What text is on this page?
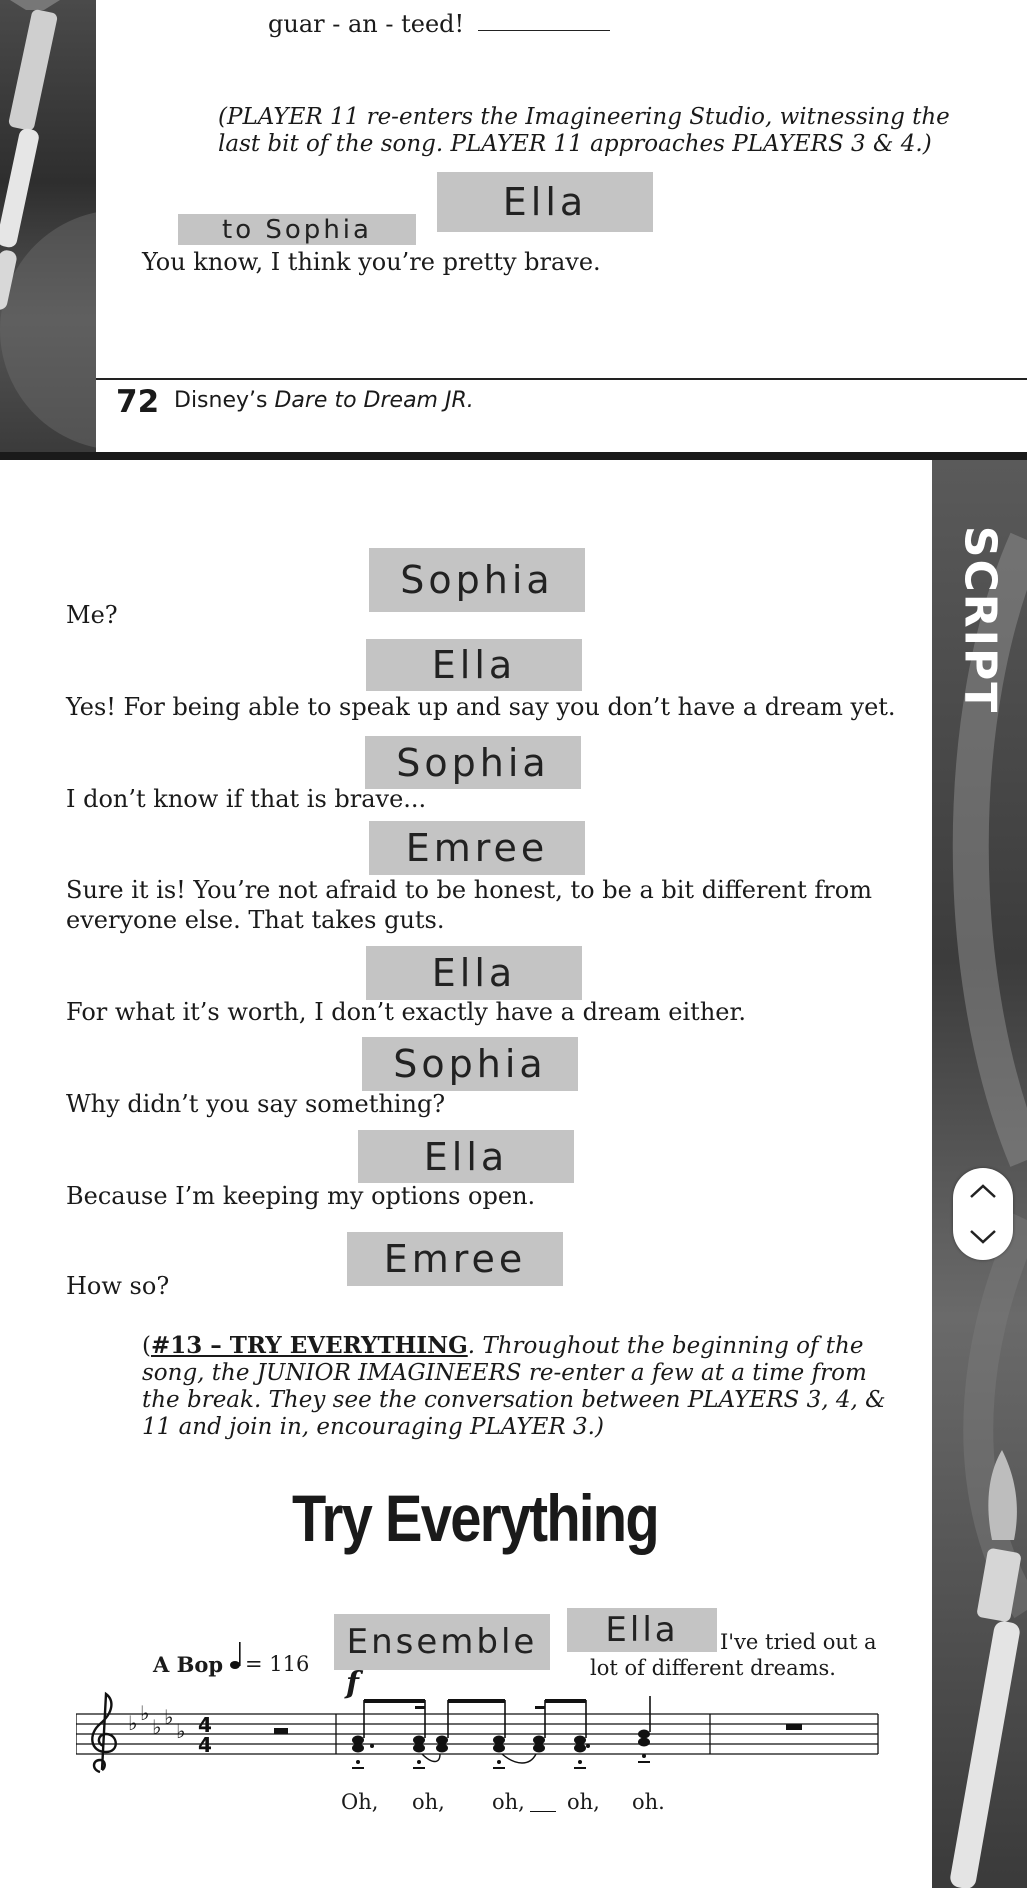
guar - an - teed!
(PLAYER 11 re-enters the Imagineering Studio, witnessing the
last bit of the song. PLAYER 11 approaches PLAYERS 3 & 4.)
Ella
to Sophia
You know, I think you’re pretty brave.
72 Disney’s Dare to Dream JR.
SCRIPT
Sophia
Me?
Ella
Yes! For being able to speak up and say you don’t have a dream yet.
Sophia
I don’t know if that is brave...
Emree
Sure it is! You’re not afraid to be honest, to be a bit different from
everyone else. That takes guts.
Ella
For what it’s worth, I don’t exactly have a dream either.
Sophia
Why didn’t you say something?
Ella
Because I’m keeping my options open.
Emree
How so?
(#13 – TRY EVERYTHING. Throughout the beginning of the
song, the JUNIOR IMAGINEERS re-enter a few at a time from
the break. They see the conversation between PLAYERS 3, 4, &
11 and join in, encouraging PLAYER 3.)
Try Everything
Ensemble	Ella	I've tried out a
lot of different dreams.
A Bop = 116
f
♭ ♭
♭ ♭
♭ 4
4
Oh, oh, oh, oh, oh.
